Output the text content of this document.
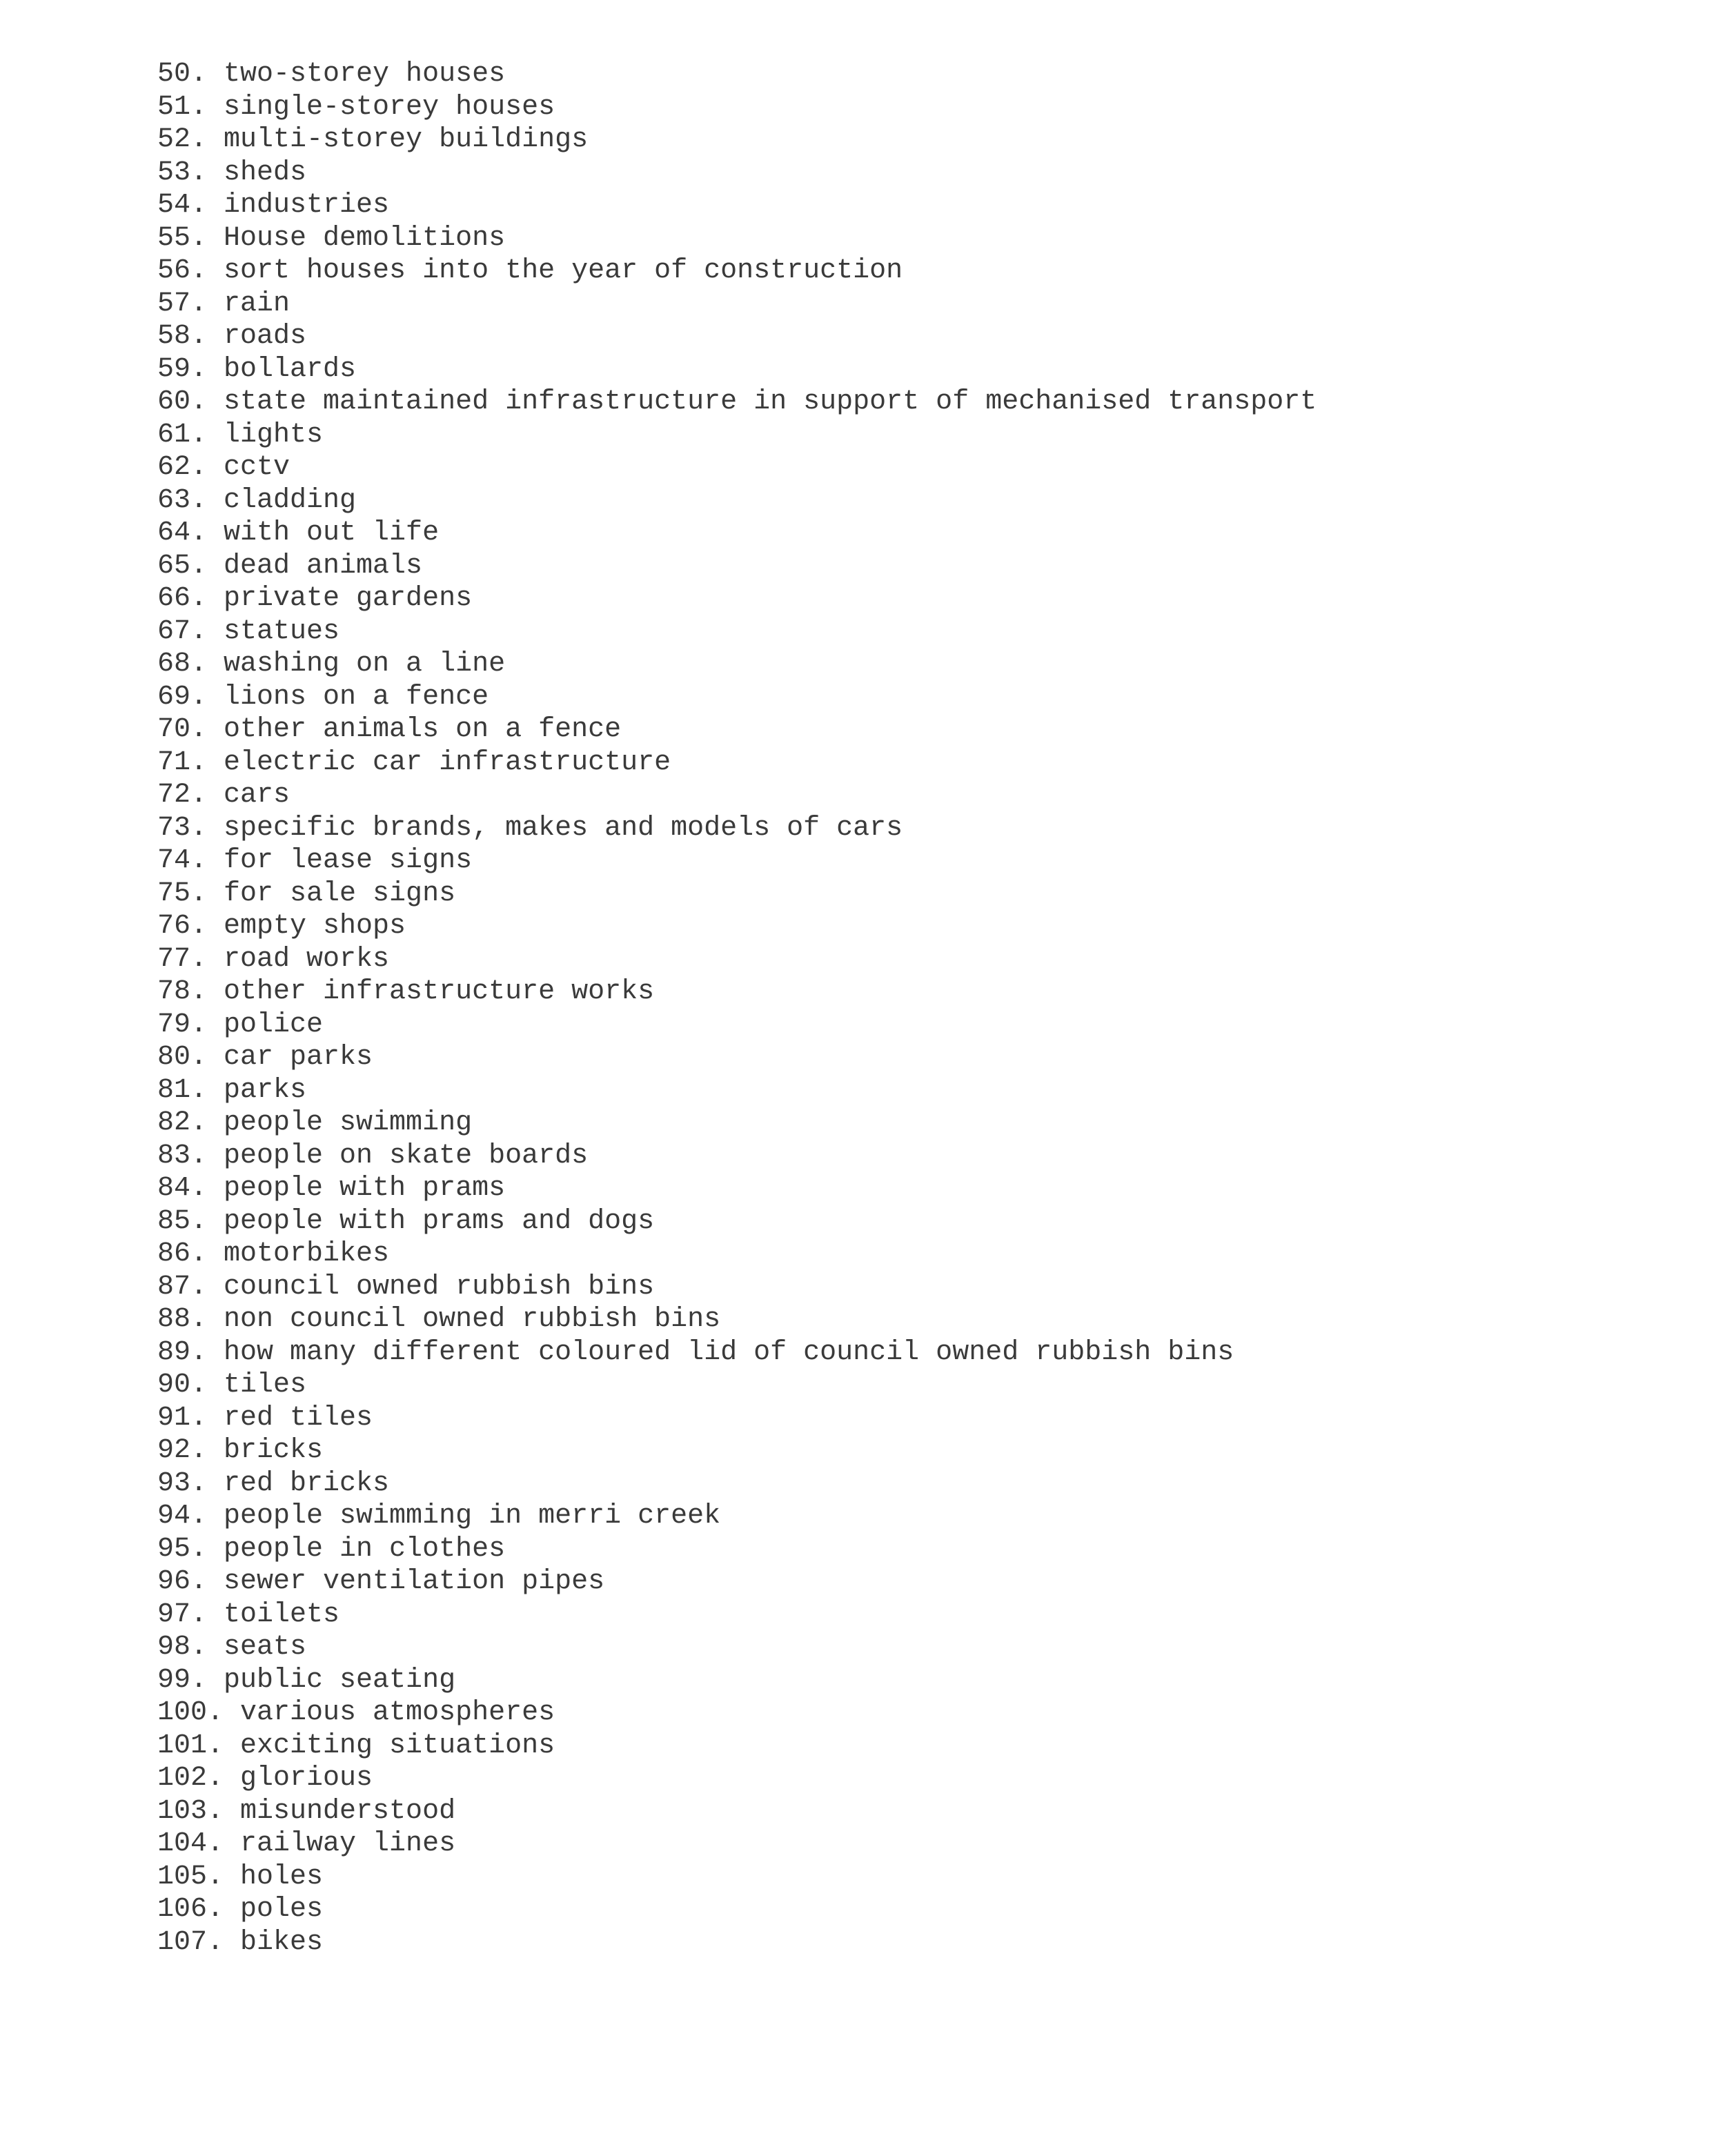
50. two-storey houses
51. single-storey houses
52. multi-storey buildings
53. sheds
54. industries
55. House demolitions
56. sort houses into the year of construction
57. rain
58. roads
59. bollards
60. state maintained infrastructure in support of mechanised transport
61. lights
62. cctv
63. cladding
64. with out life
65. dead animals
66. private gardens
67. statues
68. washing on a line
69. lions on a fence
70. other animals on a fence
71. electric car infrastructure
72. cars
73. specific brands, makes and models of cars
74. for lease signs
75. for sale signs
76. empty shops
77. road works
78. other infrastructure works
79. police
80. car parks
81. parks
82. people swimming
83. people on skate boards
84. people with prams
85. people with prams and dogs
86. motorbikes
87. council owned rubbish bins
88. non council owned rubbish bins
89. how many different coloured lid of council owned rubbish bins
90. tiles
91. red tiles
92. bricks
93. red bricks
94. people swimming in merri creek
95. people in clothes
96. sewer ventilation pipes
97. toilets
98. seats
99. public seating
100. various atmospheres
101. exciting situations
102. glorious
103. misunderstood
104. railway lines
105. holes
106. poles
107. bikes
